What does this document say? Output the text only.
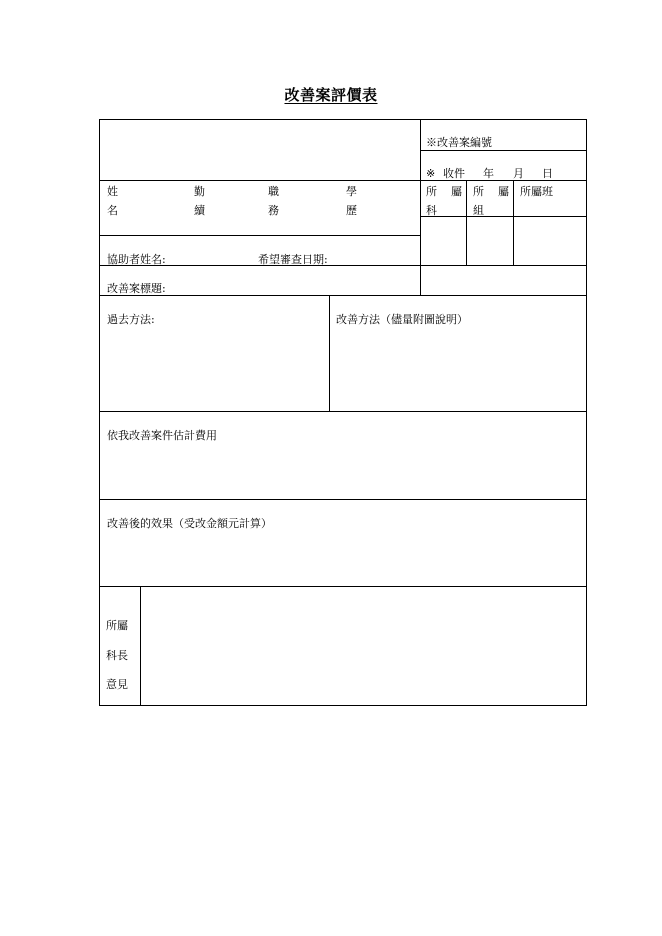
改善案評價表
※改善案編號
※ 收件 年 月 日
姓
名
勤
續
職
務
學
歷
所 屬
科
所 屬
組
所屬班
協助者姓名:	希望審查日期:
改善案標題:
過去方法:	改善方法（儘量附圖說明）
依我改善案件估計費用
改善後的效果（受改金額元計算）
所屬
科長
意見
